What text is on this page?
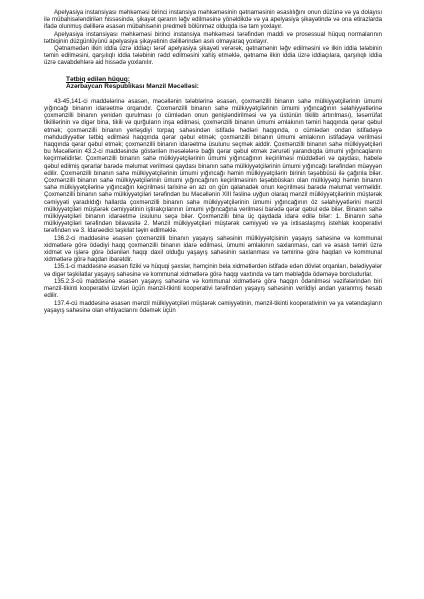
Apelyasiya instansiyası məhkəməsi birinci instansiya məhkəməsinin qətnaməsinin əsaslılığını onun düzünə və ya dolayısı ilə mübahisələndirilən hissəsində, şikayət qərarın ləğv edilməsinə yönəldikdə və ya apelyasiya şikayətində və onа etirazlarda ifadə olunmuş dəlillərə əsasən mübahisənin predmeti bölünməz olduqda isə tam yoxlayır.

Apelyasiya instansiyası məhkəməsi birinci instansiya məhkəməsi tərəfindən maddi və prosessual hüquq normalarının tətbiqinin düzgünlüyünü apelyasiya şikayətinin dəlillərindən asılı olmayaraq yoxlayır.

Qətnamədən ilkin iddia üzrə iddiaçı tərəf apelyasiya şikayəti verərək, qətnamənin ləğv edilməsini və ilkin iddia tələbinin təmin edilməsini, qarşılıqlı iddia tələbinin rədd edilməsini xahiş etməklə, qətnamə ilkin iddia üzrə iddiaçılara, qarşılıqlı iddia üzrə cavabdehlərə aid hissədə yoxlanılır.

Tətbiq edilən hüquq:

Azərbaycan Respublikası Mənzil Məcəlləsi:

43-45,141-ci maddələrinə əsasən, məcəllənin tələblərinə əsasən, çoxmənzilli binanın sahə mülkiyyətçilərinin ümumi yığıncağı binanın idarəetmə orqanıdır. Çoxmənzilli binanın sahə mülkiyyətçilərinin ümumi yığıncağının səlahiyyətlərinə çoxmənzilli binanın yenidən qurulması (o cümlədən onun genişləndirilməsi və ya üstünün tikilib artırılması), təsərrüfat tikililərinin və digər bina, tikili və qurğuların inşa edilməsi, çoxmənzilli binanın ümumi əmlakının təmiri haqqında qərar qəbul etmək; çoxmənzilli binanın yerləşdiyi torpaq sahəsindən istifadə hədləri haqqında, o cümlədən ondan istifadəyə məhdudiyyətlər tətbiq edilməsi haqqında qərar qəbul etmək; çoxmənzilli binanın ümumi əmlakının istifadəyə verilməsi haqqında qərar qəbul etmək; çoxmənzilli binanın idarəetmə üsulunu seçmək aiddir. Çoxmənzilli binanın sahə mülkiyyətçiləri bu Məcəllənin 43.2-ci maddəsində göstərilən məsələlərə bağlı qərar qəbul etmək zərurəti yarandıqda ümumi yığıncaqlarını keçirməlidirlər. Çoxmənzilli binanın sahə mülkiyyətçilərinin ümumi yığıncağının keçirilməsi müddətləri və qaydası, habelə qəbul edilmiş qərarlar barədə məlumat verilməsi qaydası binanın sahə mülkiyyətçilərinin ümumi yığıncağı tərəfindən müəyyən edilir. Çoxmənzilli binanın sahə mülkiyyətçilərinin ümumi yığıncağı həmin mülkiyyətçilərin birinin təşəbbüsü ilə çağırıla bilər. Çoxmənzilli binanın sahə mülkiyyətçilərinin ümumi yığıncağının keçirilməsinin təşəbbüskarı olan mülkiyyətçi həmin binanın sahə mülkiyyətçilərinə yığıncağın keçirilməsi tarixinə ən azı on gün qalanadək onun keçirilməsi barədə məlumat verməlidir. Çoxmənzilli binanın sahə mülkiyyətçiləri tərəfindən bu Məcəllənin XIII fəslinə uyğun olaraq mənzil mülkiyyətçilərinin müştərək cəmiyyəti yaradıldığı hallarda çoxmənzilli binanın sahə mülkiyyətçilərinin ümumi yığıncağının öz səlahiyyətlərini mənzil mülkiyyətçiləri müştərək cəmiyyətinin iştirakçılarının ümumi yığıncağına verilməsi barədə qərar qəbul edə bilər. Binanın sahə mülkiyyətçiləri binanın idarəetmə üsulunu seçə bilər. Çoxmənzilli bina üç qaydada idarə edilə bilər: 1. Binanın sahə mülkiyyətçiləri tərəfindən bilavasitə 2. Mənzil mülkiyyətçiləri müştərək cəmiyyəti və ya ixtisaslaşmış istehlak kooperativi tərəfindən və 3. İdarəedici təşkilat təyin edilməklə.

136.2-ci maddəsinə əsasən çoxmənzilli binanın yaşayış sahəsinin mülkiyyətçisinin yaşayış sahəsinə və kommunal xidmətlərə görə ödədiyi haqq çoxmənzilli binanın idarə edilməsi, ümumi əmlakının saxlanması, cari və əsaslı təmiri üzrə xidmət və işlərə görə ödənilən haqqı daxil olduğu yaşayış sahəsinin saxlanması və təmirinə görə haqdan və kommunal xidmətlərə görə haqdan ibarətdir.

135.1-ci maddəsinə əsasən fiziki və hüquqi şəxslər, həmçinin bela xidmətlərdən istifadə edən dövlət orqanları, bələdiyyələr və digər təşkilatlar yaşayış sahəsinə və kommunal xidmətlərə görə haqqı vaxtında və tam məbləğdə ödəməyə borcludurlar.

135.2.3-cü maddəsinə əsasən yaşayış sahəsinə və kommunal xidmətlərə görə haqqın ödənilməsi vəzifələrindən biri mənzil-tikinti kooperativi üzvləri üçün mənzil-tikinti kooperativi tərəfindən yaşayış sahəsinin verildiyi andan yaranmış hesab edilir.

137.4-cü maddəsinə əsasən mənzil mülkiyyətçiləri müştərək cəmiyyətinin, mənzil-tikinti kooperativinin və ya vətəndaşların yaşayış sahəsinə olan ehtiyaclarını ödəmək üçün
